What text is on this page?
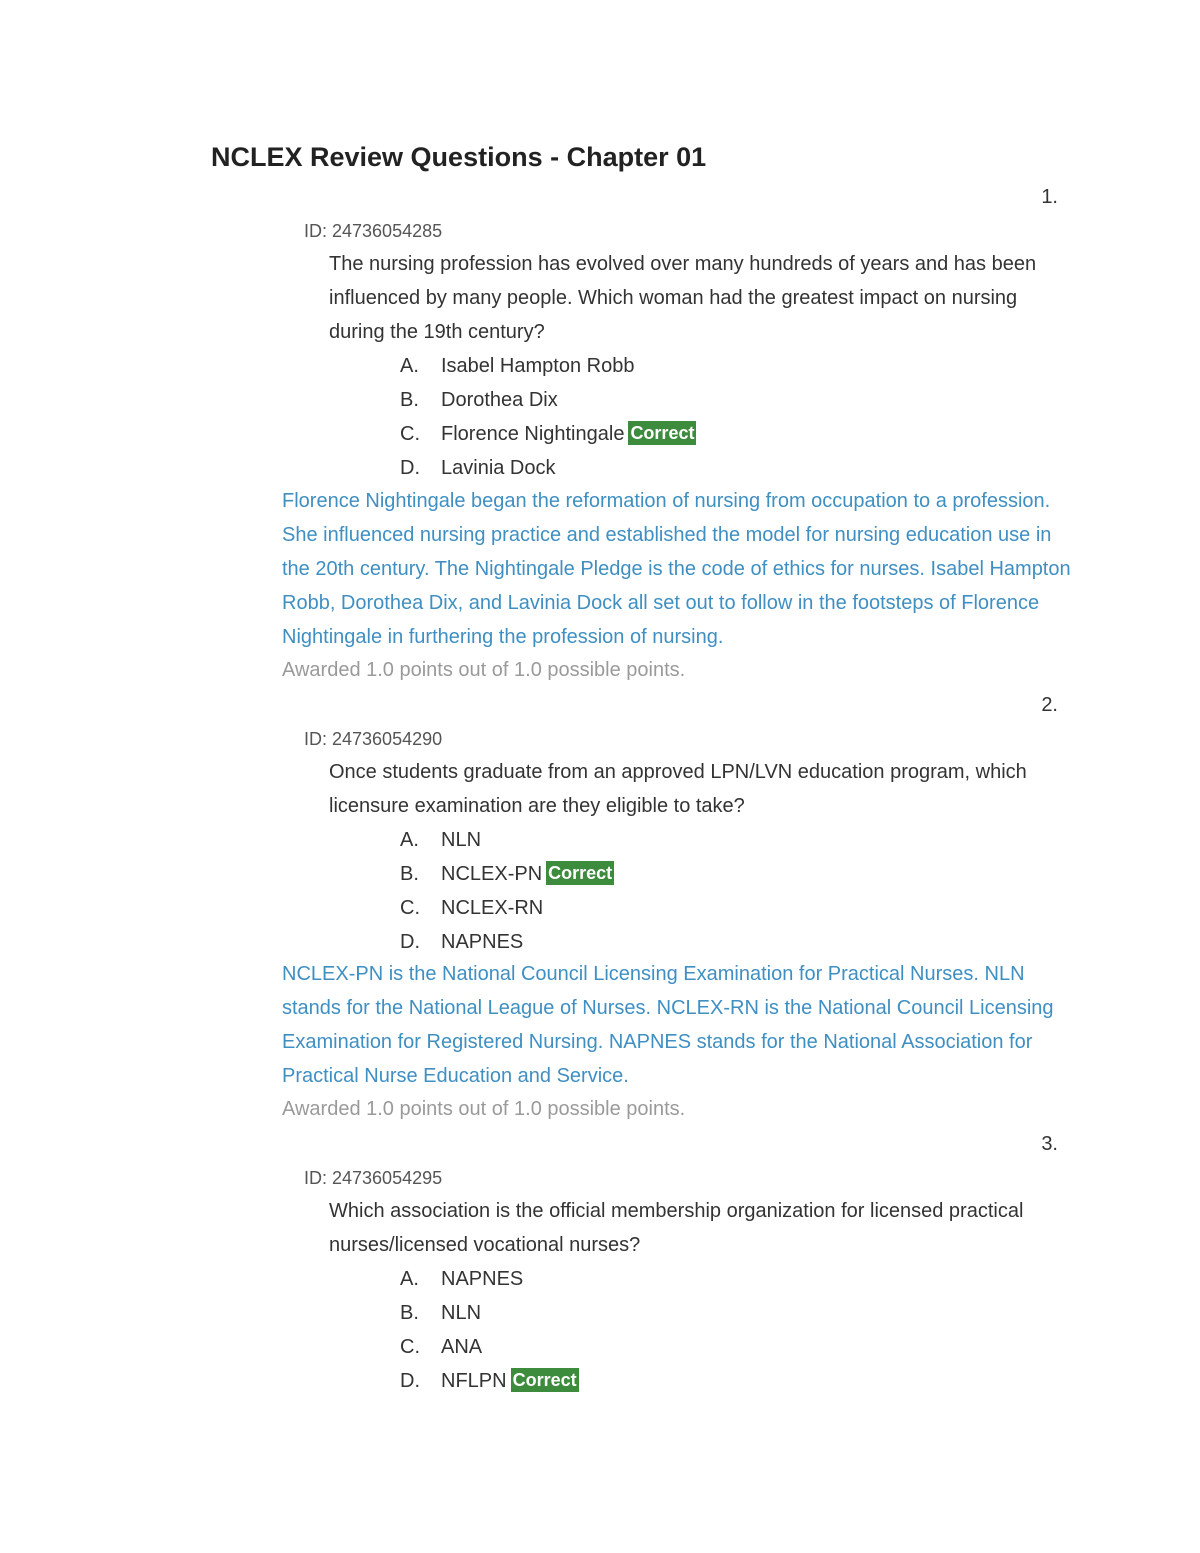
NCLEX Review Questions - Chapter 01
1.
ID: 24736054285
The nursing profession has evolved over many hundreds of years and has been influenced by many people. Which woman had the greatest impact on nursing during the 19th century?
A. Isabel Hampton Robb
B. Dorothea Dix
C. Florence Nightingale Correct
D. Lavinia Dock
Florence Nightingale began the reformation of nursing from occupation to a profession. She influenced nursing practice and established the model for nursing education use in the 20th century. The Nightingale Pledge is the code of ethics for nurses. Isabel Hampton Robb, Dorothea Dix, and Lavinia Dock all set out to follow in the footsteps of Florence Nightingale in furthering the profession of nursing.
Awarded 1.0 points out of 1.0 possible points.
2.
ID: 24736054290
Once students graduate from an approved LPN/LVN education program, which licensure examination are they eligible to take?
A. NLN
B. NCLEX-PN Correct
C. NCLEX-RN
D. NAPNES
NCLEX-PN is the National Council Licensing Examination for Practical Nurses. NLN stands for the National League of Nurses. NCLEX-RN is the National Council Licensing Examination for Registered Nursing. NAPNES stands for the National Association for Practical Nurse Education and Service.
Awarded 1.0 points out of 1.0 possible points.
3.
ID: 24736054295
Which association is the official membership organization for licensed practical nurses/licensed vocational nurses?
A. NAPNES
B. NLN
C. ANA
D. NFLPN Correct
